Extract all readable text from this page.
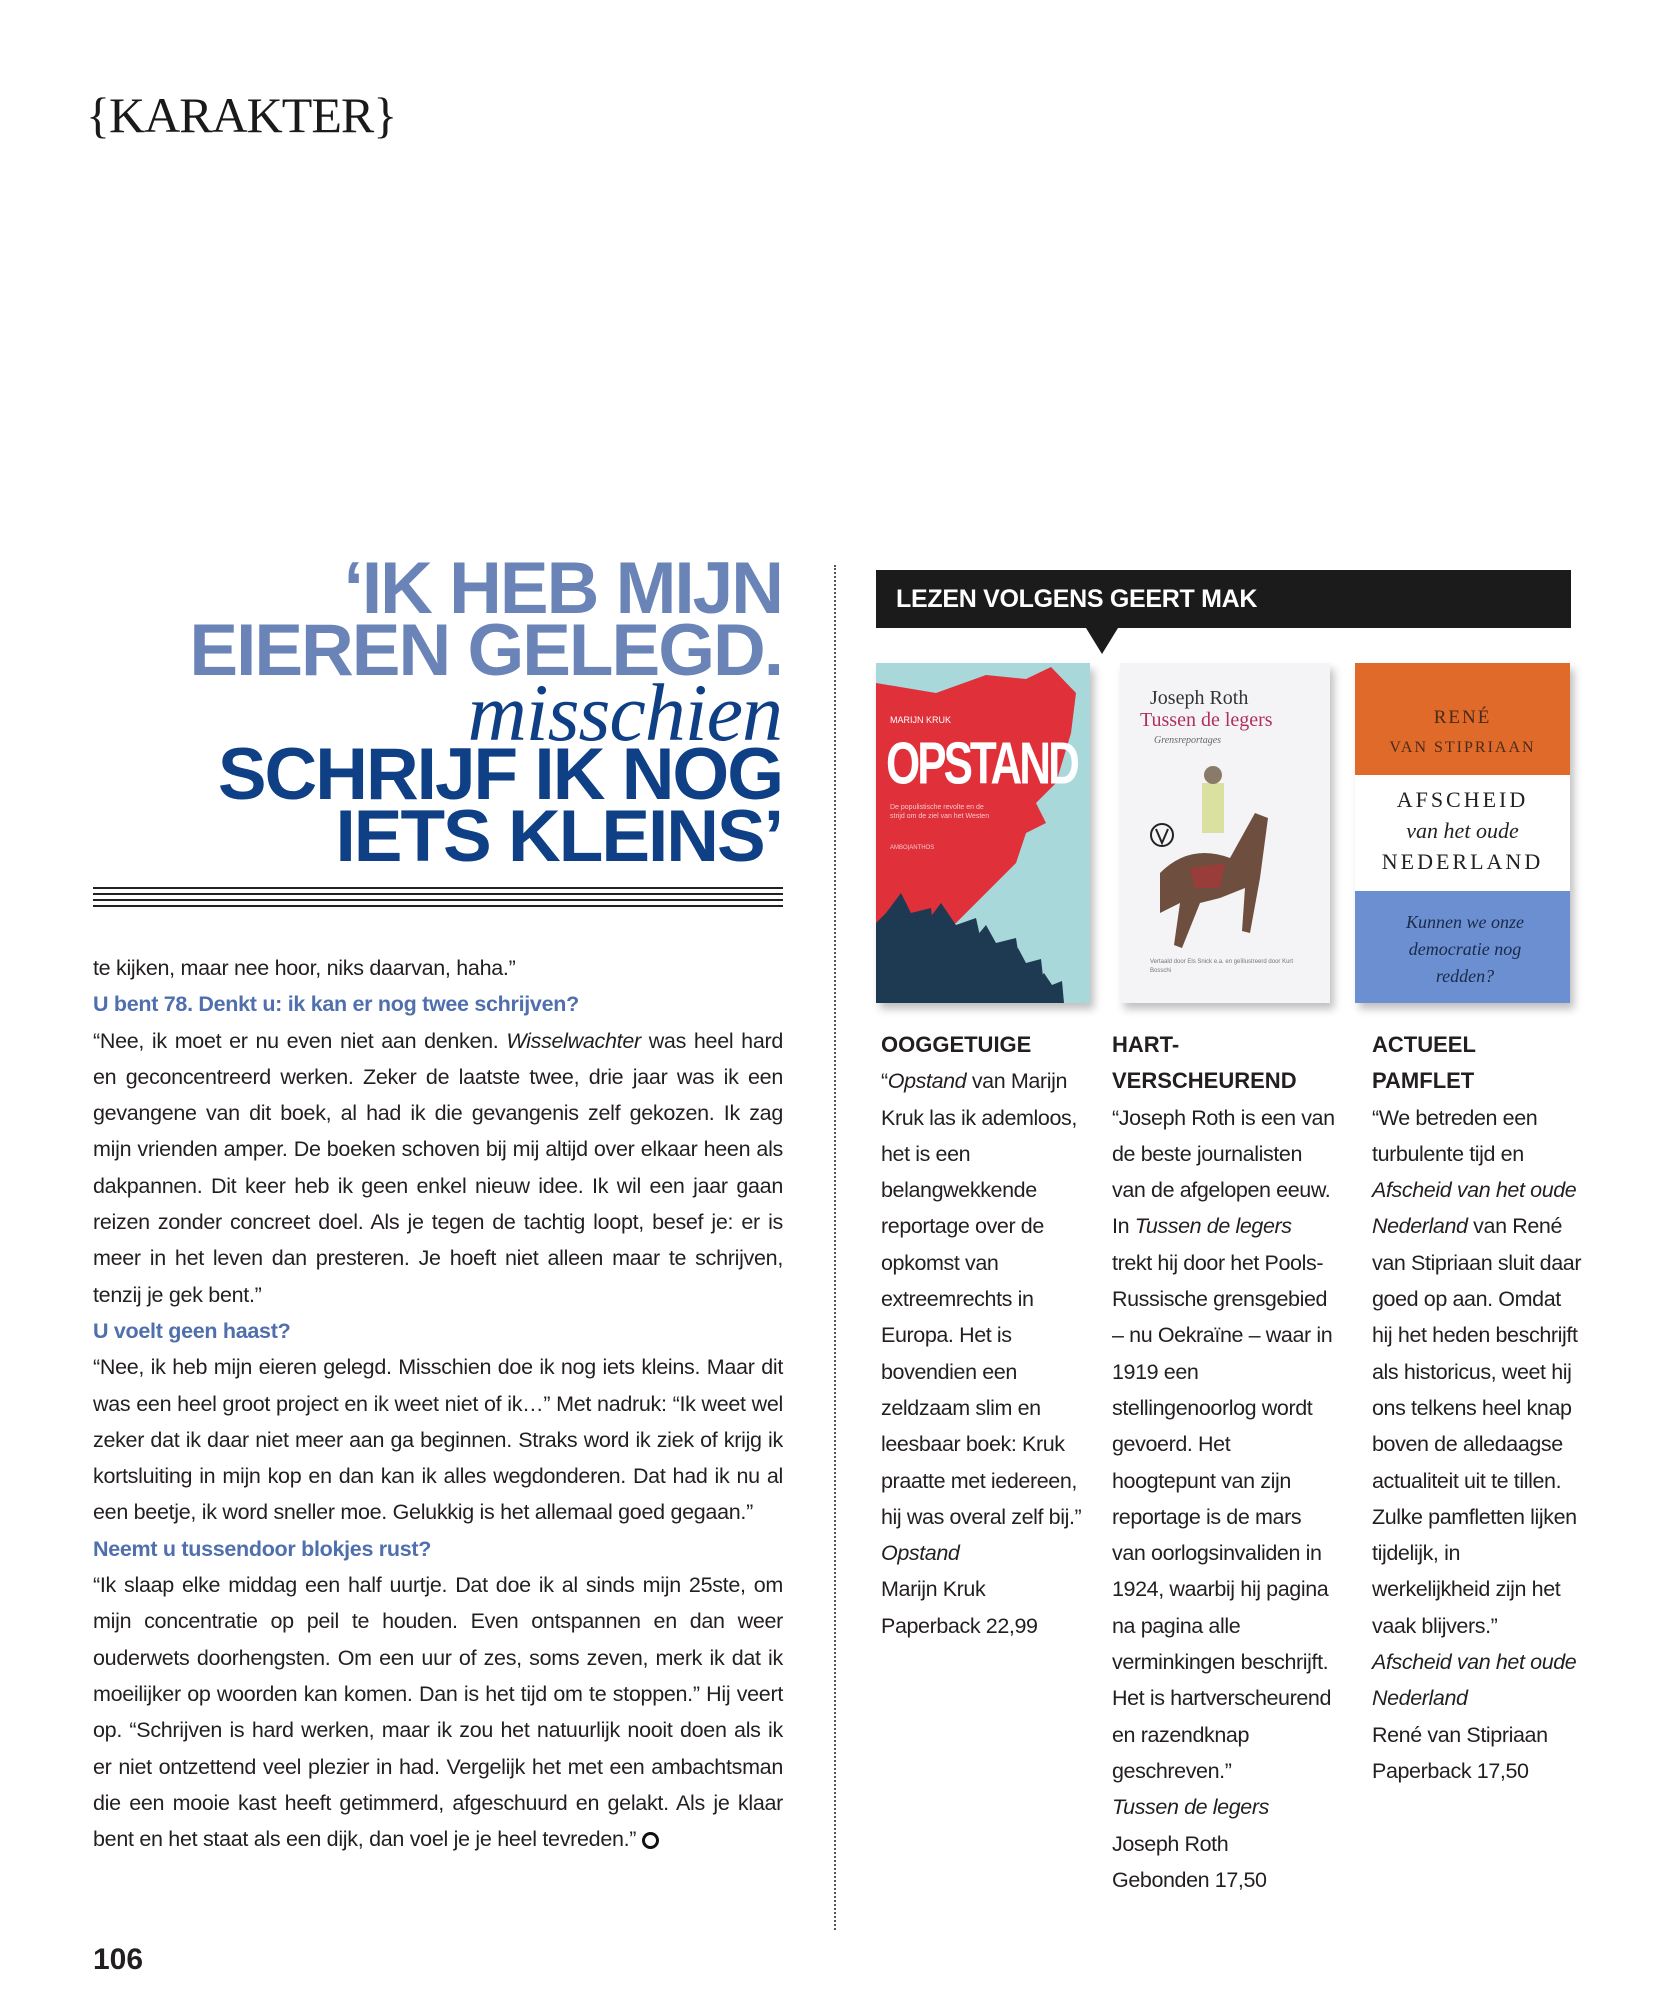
{KARAKTER}
‘IK HEB MIJN
EIEREN GELEGD.
misschien
SCHRIJF IK NOG
IETS KLEINS’

te kijken, maar nee hoor, niks daarvan, haha.”

U bent 78. Denkt u: ik kan er nog twee schrijven?

“Nee, ik moet er nu even niet aan denken. Wisselwachter was heel hard en geconcentreerd werken. Zeker de laatste twee, drie jaar was ik een gevangene van dit boek, al had ik die gevangenis zelf gekozen. Ik zag mijn vrienden amper. De boeken schoven bij mij altijd over elkaar heen als dakpannen. Dit keer heb ik geen enkel nieuw idee. Ik wil een jaar gaan reizen zonder concreet doel. Als je tegen de tachtig loopt, besef je: er is meer in het leven dan presteren. Je hoeft niet alleen maar te schrijven, tenzij je gek bent.”

U voelt geen haast?

“Nee, ik heb mijn eieren gelegd. Misschien doe ik nog iets kleins. Maar dit was een heel groot project en ik weet niet of ik…” Met nadruk: “Ik weet wel zeker dat ik daar niet meer aan ga beginnen. Straks word ik ziek of krijg ik kortsluiting in mijn kop en dan kan ik alles wegdonderen. Dat had ik nu al een beetje, ik word sneller moe. Gelukkig is het allemaal goed gegaan.”

Neemt u tussendoor blokjes rust?

“Ik slaap elke middag een half uurtje. Dat doe ik al sinds mijn 25ste, om mijn concentratie op peil te houden. Even ontspannen en dan weer ouderwets doorhengsten. Om een uur of zes, soms zeven, merk ik dat ik moeilijker op woorden kan komen. Dan is het tijd om te stoppen.” Hij veert op. “Schrijven is hard werken, maar ik zou het natuurlijk nooit doen als ik er niet ontzettend veel plezier in had. Vergelijk het met een ambachtsman die een mooie kast heeft getimmerd, afgeschuurd en gelakt. Als je klaar bent en het staat als een dijk, dan voel je je heel tevreden.”

LEZEN VOLGENS GEERT MAK
MARIJN KRUK
OPSTAND
De populistische revolte en de strijd om de ziel van het Westen
AMBO|ANTHOS
Joseph Roth
Tussen de legers
Grensreportages
Vertaald door Els Snick e.a. en geïllustreerd door Kurt Bosschi
RENÉ
VAN STIPRIAAN
AFSCHEID
van het oude
NEDERLAND
Kunnen we onze democratie nog redden?
OOGGETUIGE

“Opstand van Marijn Kruk las ik ademloos, het is een belangwekkende reportage over de opkomst van extreemrechts in Europa. Het is bovendien een zeldzaam slim en leesbaar boek: Kruk praatte met iedereen, hij was overal zelf bij.”

Opstand

Marijn Kruk

Paperback 22,99

HART-
VERSCHEUREND

“Joseph Roth is een van de beste journalisten van de afgelopen eeuw. In Tussen de legers trekt hij door het Pools-Russische grensgebied – nu Oekraïne – waar in 1919 een stellingenoorlog wordt gevoerd. Het hoogtepunt van zijn reportage is de mars van oorlogsinvaliden in 1924, waarbij hij pagina na pagina alle verminkingen beschrijft. Het is hartverscheurend en razendknap geschreven.”

Tussen de legers

Joseph Roth

Gebonden 17,50

ACTUEEL
PAMFLET

“We betreden een turbulente tijd en Afscheid van het oude Nederland van René van Stipriaan sluit daar goed op aan. Omdat hij het heden beschrijft als historicus, weet hij ons telkens heel knap boven de alledaagse actualiteit uit te tillen. Zulke pamfletten lijken tijdelijk, in werkelijkheid zijn het vaak blijvers.”

Afscheid van het oude Nederland

René van Stipriaan

Paperback 17,50

106
